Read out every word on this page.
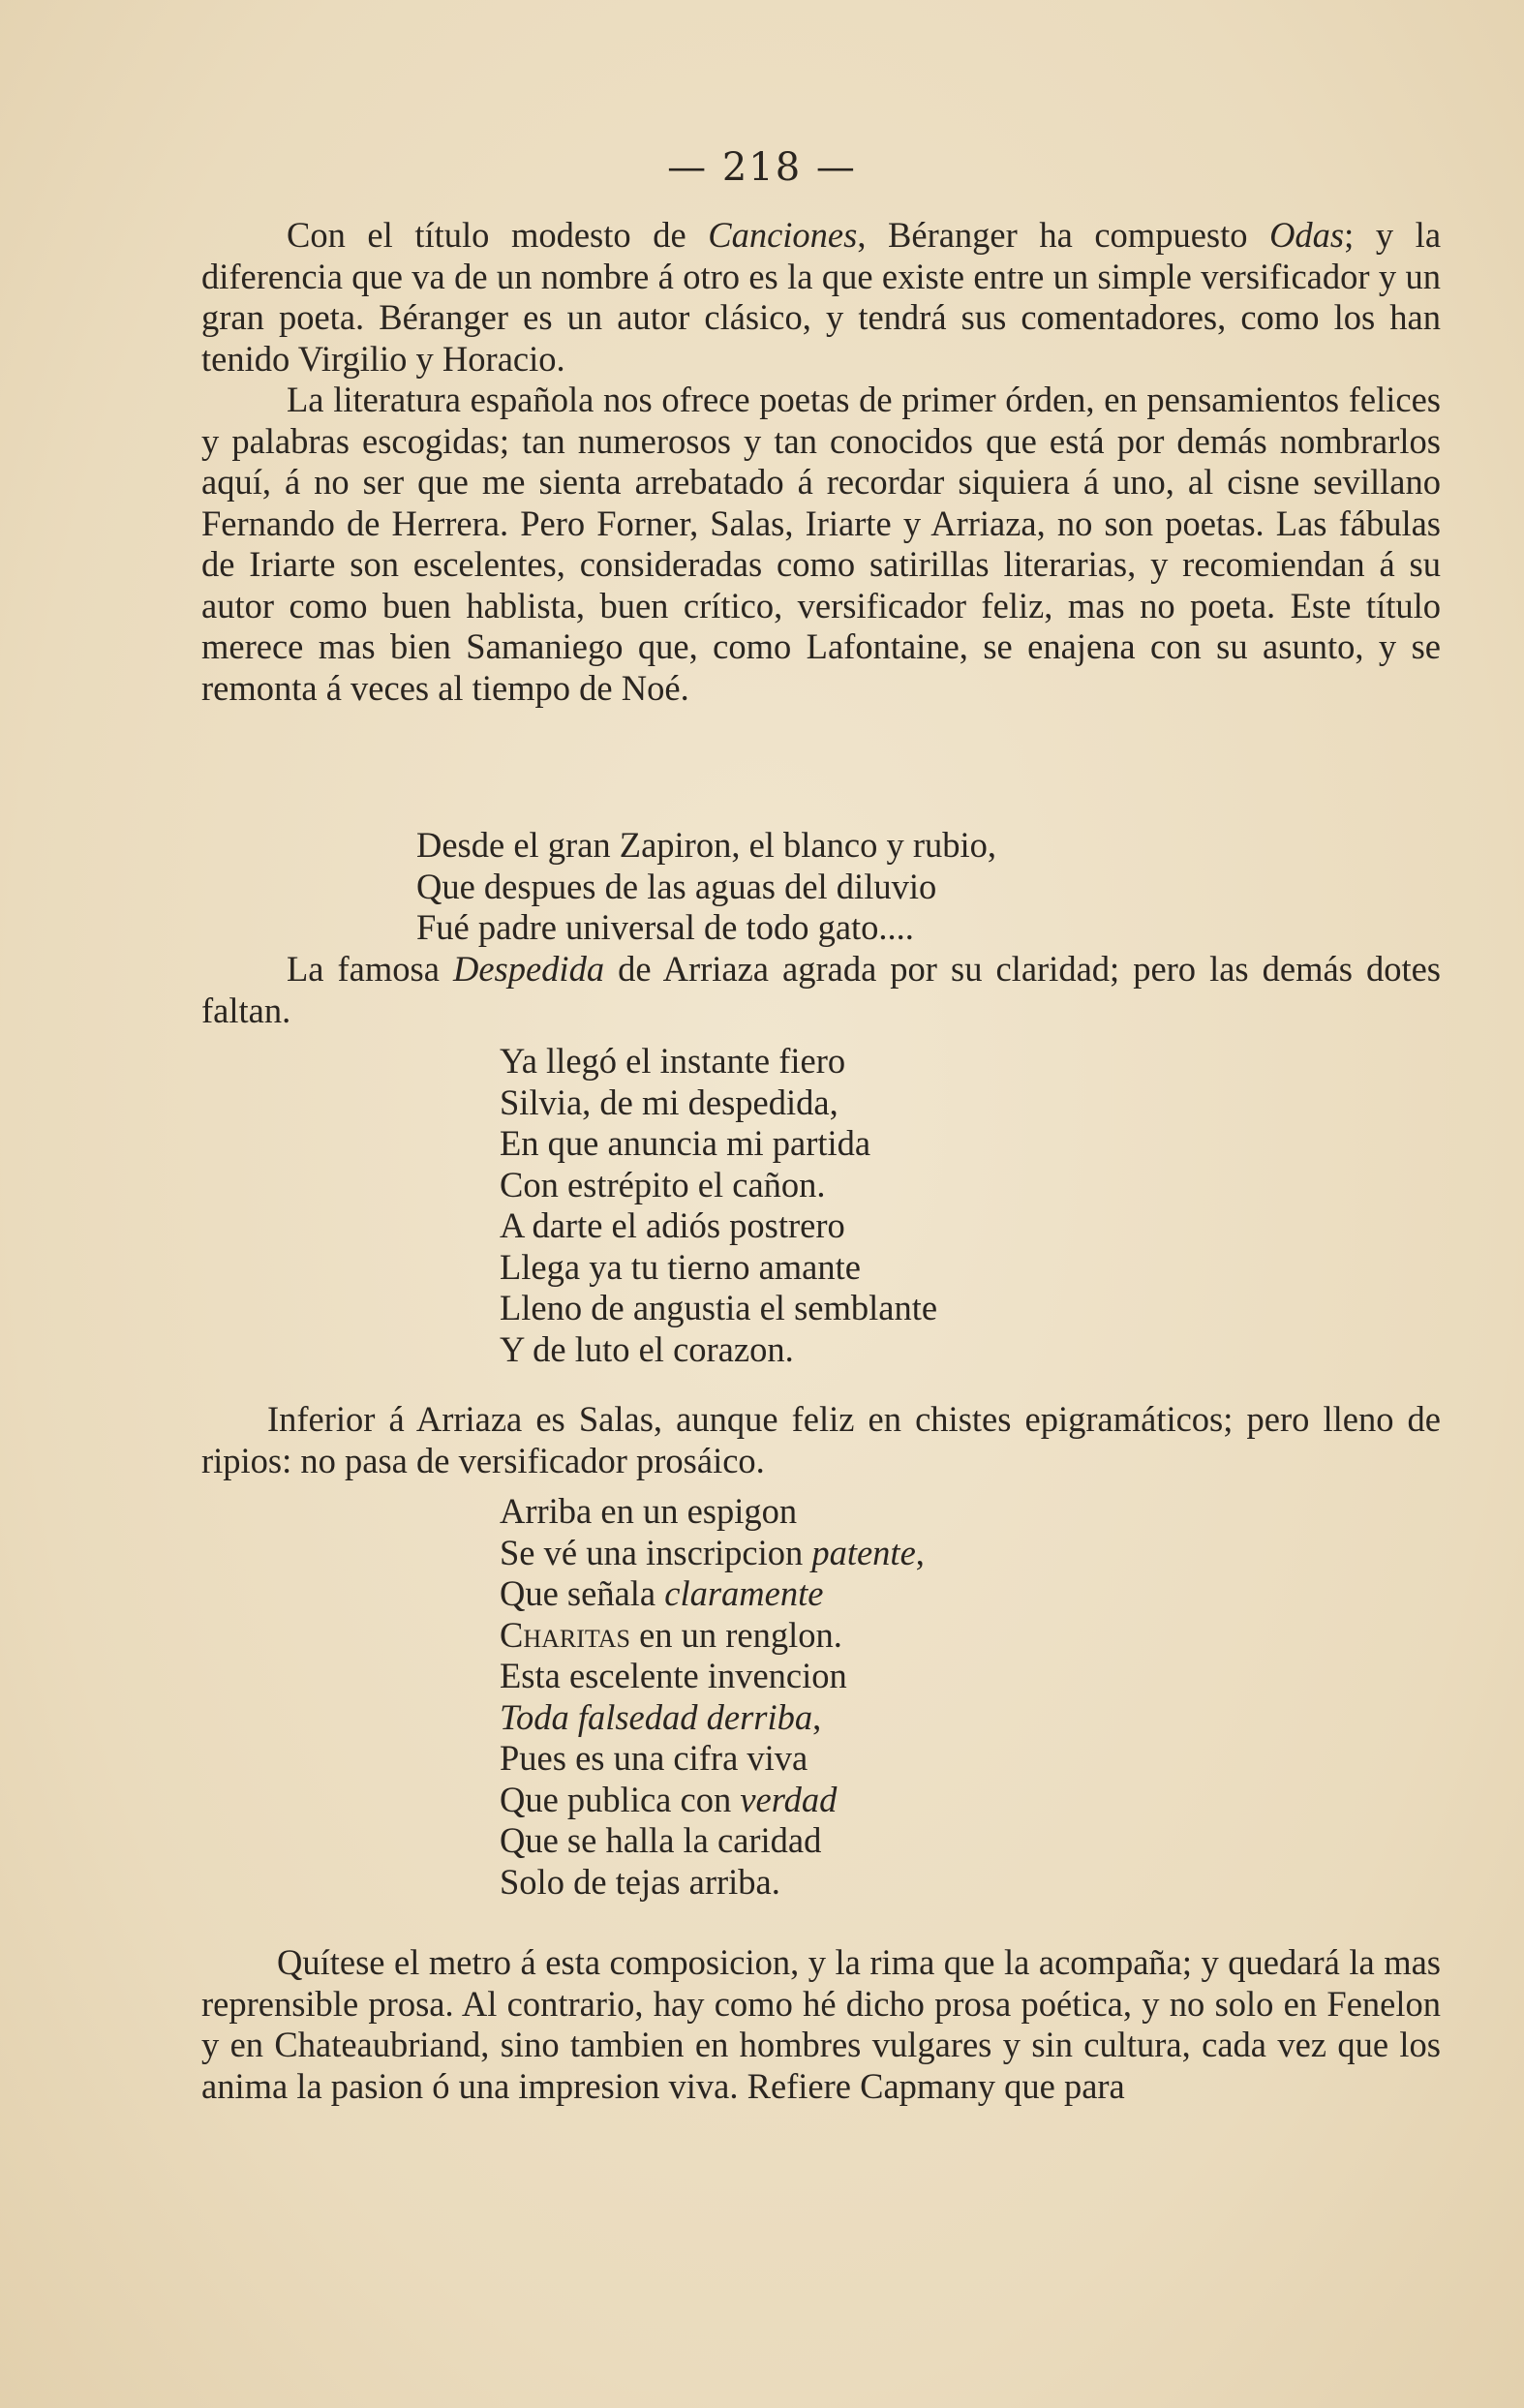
— 218 —

Con el título modesto de Canciones, Béranger ha compuesto Odas; y la diferencia que va de un nombre á otro es la que existe entre un simple versificador y un gran poeta. Béranger es un autor clásico, y tendrá sus comentadores, como los han tenido Virgilio y Horacio.

La literatura española nos ofrece poetas de primer órden, en pensamientos felices y palabras escogidas; tan numerosos y tan conocidos que está por demás nombrarlos aquí, á no ser que me sienta arrebatado á recordar siquiera á uno, al cisne sevillano Fernando de Herrera. Pero Forner, Salas, Iriarte y Arriaza, no son poetas. Las fábulas de Iriarte son escelentes, consideradas como satirillas literarias, y recomiendan á su autor como buen hablista, buen crítico, versificador feliz, mas no poeta. Este título merece mas bien Samaniego que, como Lafontaine, se enajena con su asunto, y se remonta á veces al tiempo de Noé.

Desde el gran Zapiron, el blanco y rubio,
Que despues de las aguas del diluvio
Fué padre universal de todo gato....

La famosa Despedida de Arriaza agrada por su claridad; pero las demás dotes faltan.

Ya llegó el instante fiero
Silvia, de mi despedida,
En que anuncia mi partida
Con estrépito el cañon.
A darte el adiós postrero
Llega ya tu tierno amante
Lleno de angustia el semblante
Y de luto el corazon.

Inferior á Arriaza es Salas, aunque feliz en chistes epigramáticos; pero lleno de ripios: no pasa de versificador prosáico.

Arriba en un espigon
Se vé una inscripcion patente,
Que señala claramente
Charitas en un renglon.
Esta escelente invencion
Toda falsedad derriba,
Pues es una cifra viva
Que publica con verdad
Que se halla la caridad
Solo de tejas arriba.

Quítese el metro á esta composicion, y la rima que la acompaña; y quedará la mas reprensible prosa. Al contrario, hay como hé dicho prosa poética, y no solo en Fenelon y en Chateaubriand, sino tambien en hombres vulgares y sin cultura, cada vez que los anima la pasion ó una impresion viva. Refiere Capmany que para
